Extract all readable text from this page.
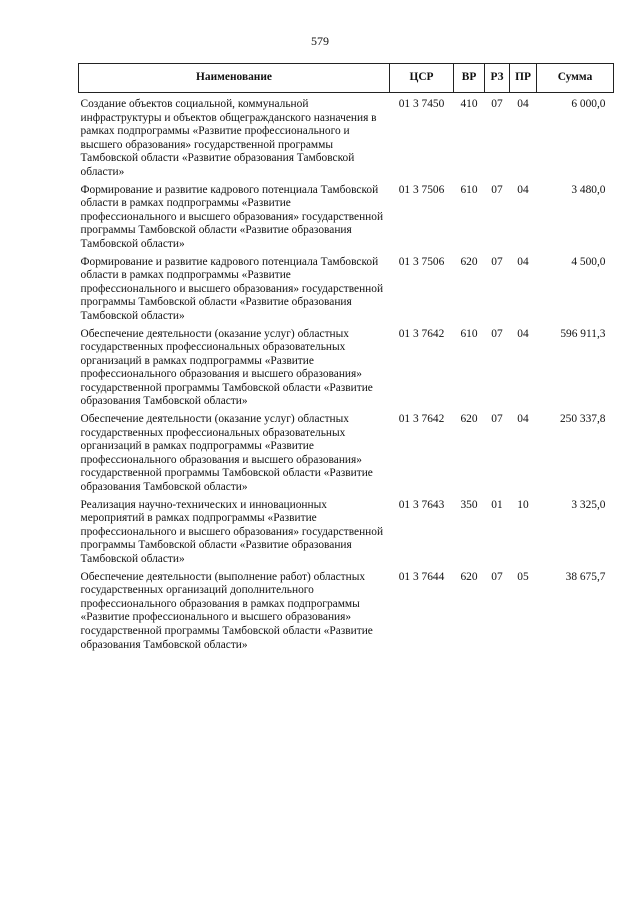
579
Наименование	ЦСР	ВР	РЗ	ПР	Сумма
Создание объектов социальной, коммунальной инфраструктуры и объектов общегражданского назначения в рамках подпрограммы «Развитие профессионального и высшего образования» государственной программы Тамбовской области «Развитие образования Тамбовской области»	01 3 7450	410	07	04	6 000,0
Формирование и развитие кадрового потенциала Тамбовской области в рамках подпрограммы «Развитие профессионального и высшего образования» государственной программы Тамбовской области «Развитие образования Тамбовской области»	01 3 7506	610	07	04	3 480,0
Формирование и развитие кадрового потенциала Тамбовской области в рамках подпрограммы «Развитие профессионального и высшего образования» государственной программы Тамбовской области «Развитие образования Тамбовской области»	01 3 7506	620	07	04	4 500,0
Обеспечение деятельности (оказание услуг) областных государственных профессиональных образовательных организаций в рамках подпрограммы «Развитие профессионального образования и высшего образования» государственной программы Тамбовской области «Развитие образования Тамбовской области»	01 3 7642	610	07	04	596 911,3
Обеспечение деятельности (оказание услуг) областных государственных профессиональных образовательных организаций в рамках подпрограммы «Развитие профессионального образования и высшего образования» государственной программы Тамбовской области «Развитие образования Тамбовской области»	01 3 7642	620	07	04	250 337,8
Реализация научно-технических и инновационных мероприятий в рамках подпрограммы «Развитие профессионального и высшего образования» государственной программы Тамбовской области «Развитие образования Тамбовской области»	01 3 7643	350	01	10	3 325,0
Обеспечение деятельности (выполнение работ) областных государственных организаций дополнительного профессионального образования в рамках подпрограммы «Развитие профессионального и высшего образования» государственной программы Тамбовской области «Развитие образования Тамбовской области»	01 3 7644	620	07	05	38 675,7
